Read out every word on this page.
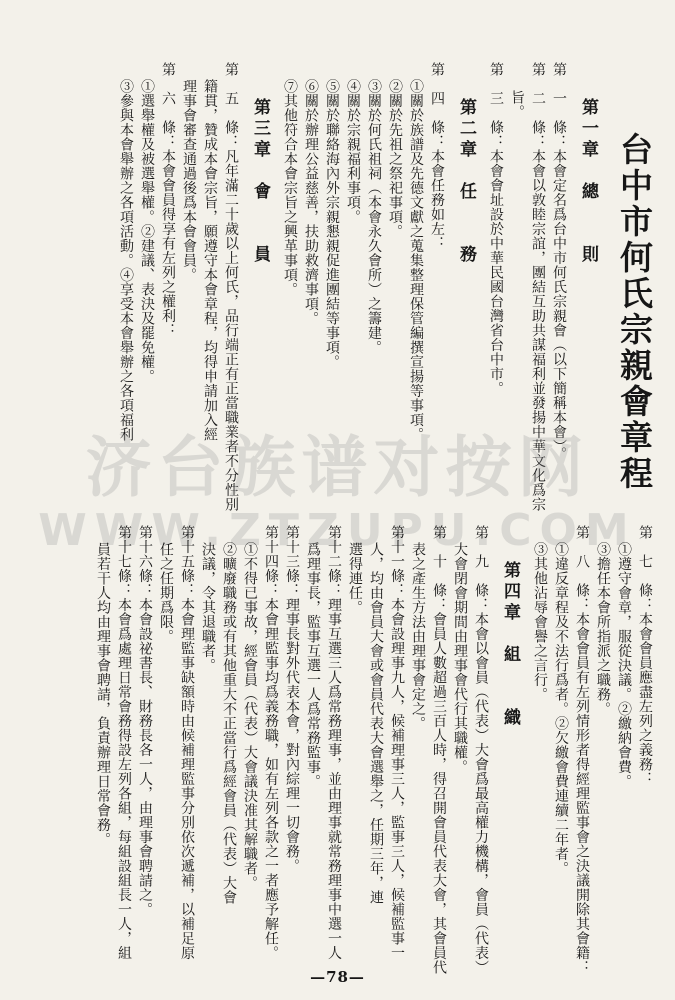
台中市何氏宗親會章程

第一章　總　　則

第　一　條：本會定名爲台中市何氏宗親會（以下簡稱本會）。

第　二　條：本會以敦睦宗誼，團結互助共謀福利並發揚中華文化爲宗

旨。

第　三　條：本會會址設於中華民國台灣省台中市。

第二章　任　　務

第　四　條：本會任務如左：

①關於族譜及先德文獻之蒐集整理保管編撰宣揚等事項。

②關於先祖之祭祀事項。

③關於何氏祖祠（本會永久會所）之籌建。

④關於宗親福利事項。

⑤關於聯絡海內外宗親懇親促進團結等事項。

⑥關於辦理公益慈善，扶助救濟事項。

⑦其他符合本會宗旨之興革事項。

第三章　會　　員

第　五　條：凡年滿二十歲以上何氏，品行端正有正當職業者不分性別

籍貫，贊成本會宗旨，願遵守本會章程，均得申請加入經

理事會審查通過後爲本會會員。

第　六　條：本會會員得享有左列之權利：

①選舉權及被選舉權。②建議、表決及罷免權。

③參與本會舉辦之各項活動。④享受本會舉辦之各項福利

济台族谱对按网
WWW.ZTZUPU.COM 第　七　條：本會會員應盡左列之義務：

①遵守會章，服從決議。②繳納會費。

③擔任本會所指派之職務。

第　八　條：本會會員有左列情形者得經理監事會之決議開除其會籍：

①違反章程及不法行爲者。②欠繳會費連續二年者。

③其他沾辱會譽之言行。

第四章　組　　織

第　九　條：本會以會員（代表）大會爲最高權力機構，會員（代表）

大會閉會期間由理事會代行其職權。

第　十　條：會員人數超過三百人時，得召開會員代表大會，其會員代

表之產生方法由理事會定之。

第十一條：本會設理事九人，候補理事三人，監事三人，候補監事一

人，均由會員大會或會員代表大會選舉之，任期三年，連

選得連任。

第十二條：理事互選三人爲常務理事，並由理事就常務理事中選一人

爲理事長，監事互選一人爲常務監事。

第十三條：理事長對外代表本會，對內綜理一切會務。

第十四條：本會理監事均爲義務職，如有左列各款之一者應予解任。

①不得已事故，經會員（代表）大會議決准其解職者。

②曠廢職務或有其他重大不正當行爲經會員（代表）大會

決議，令其退職者。

第十五條：本會理監事缺額時由候補理監事分別依次遞補，以補足原

任之任期爲限。

第十六條：本會設祕書長、財務長各一人，由理事會聘請之。

第十七條：本會爲處理日常會務得設左列各組，每組設組長一人，組

員若干人均由理事會聘請，負責辦理日常會務。

—78—
